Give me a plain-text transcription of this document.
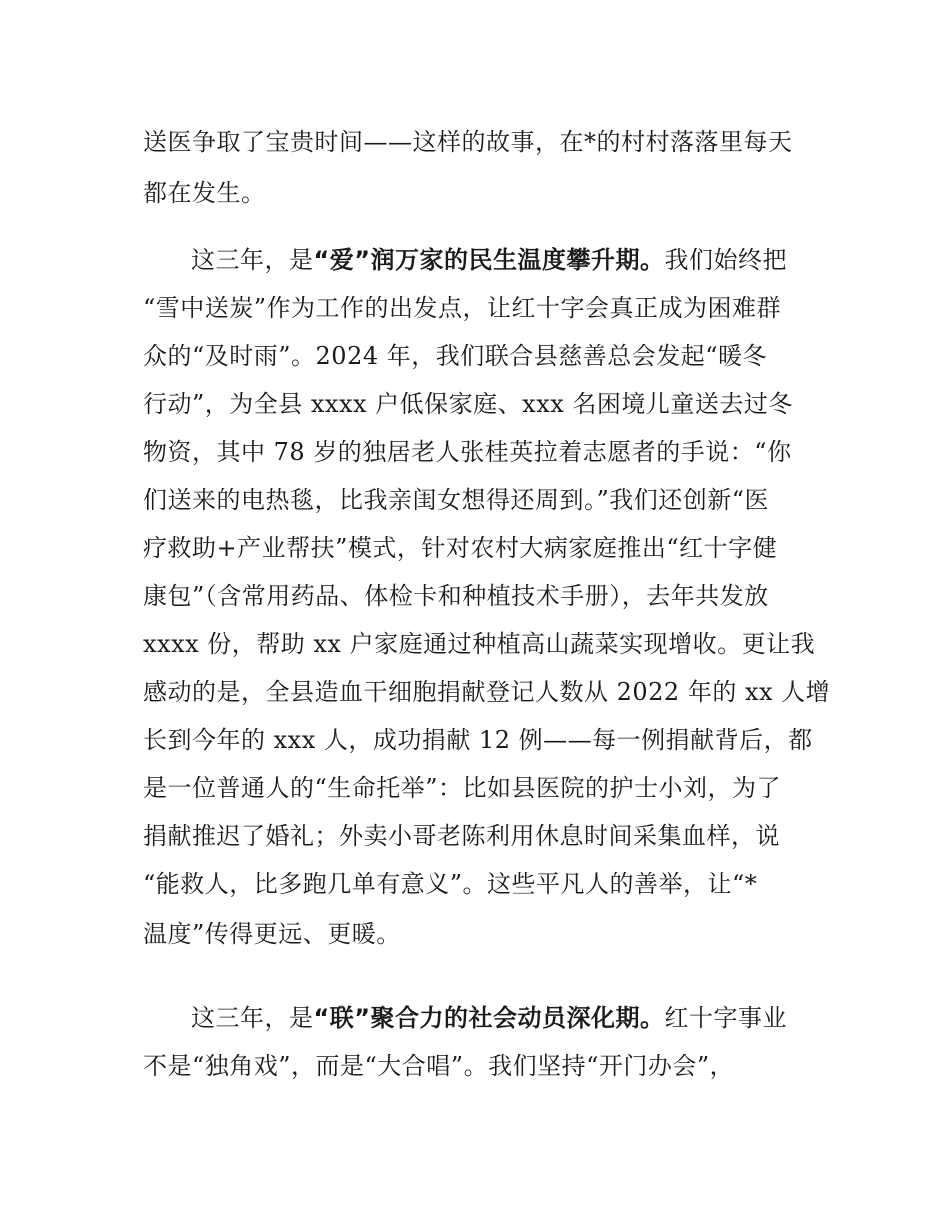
送医争取了宝贵时间——这样的故事，在*的村村落落里每天
都在发生。
这三年，是“爱”润万家的民生温度攀升期。我们始终把
“雪中送炭”作为工作的出发点，让红十字会真正成为困难群
众的“及时雨”。2024 年，我们联合县慈善总会发起“暖冬
行动”，为全县 xxxx 户低保家庭、xxx 名困境儿童送去过冬
物资，其中 78 岁的独居老人张桂英拉着志愿者的手说：“你
们送来的电热毯，比我亲闺女想得还周到。”我们还创新“医
疗救助+产业帮扶”模式，针对农村大病家庭推出“红十字健
康包”（含常用药品、体检卡和种植技术手册），去年共发放
xxxx 份，帮助 xx 户家庭通过种植高山蔬菜实现增收。更让我
感动的是，全县造血干细胞捐献登记人数从 2022 年的 xx 人增
长到今年的 xxx 人，成功捐献 12 例——每一例捐献背后，都
是一位普通人的“生命托举”：比如县医院的护士小刘，为了
捐献推迟了婚礼；外卖小哥老陈利用休息时间采集血样，说
“能救人，比多跑几单有意义”。这些平凡人的善举，让“*
温度”传得更远、更暖。
这三年，是“联”聚合力的社会动员深化期。红十字事业
不是“独角戏”，而是“大合唱”。我们坚持“开门办会”，
